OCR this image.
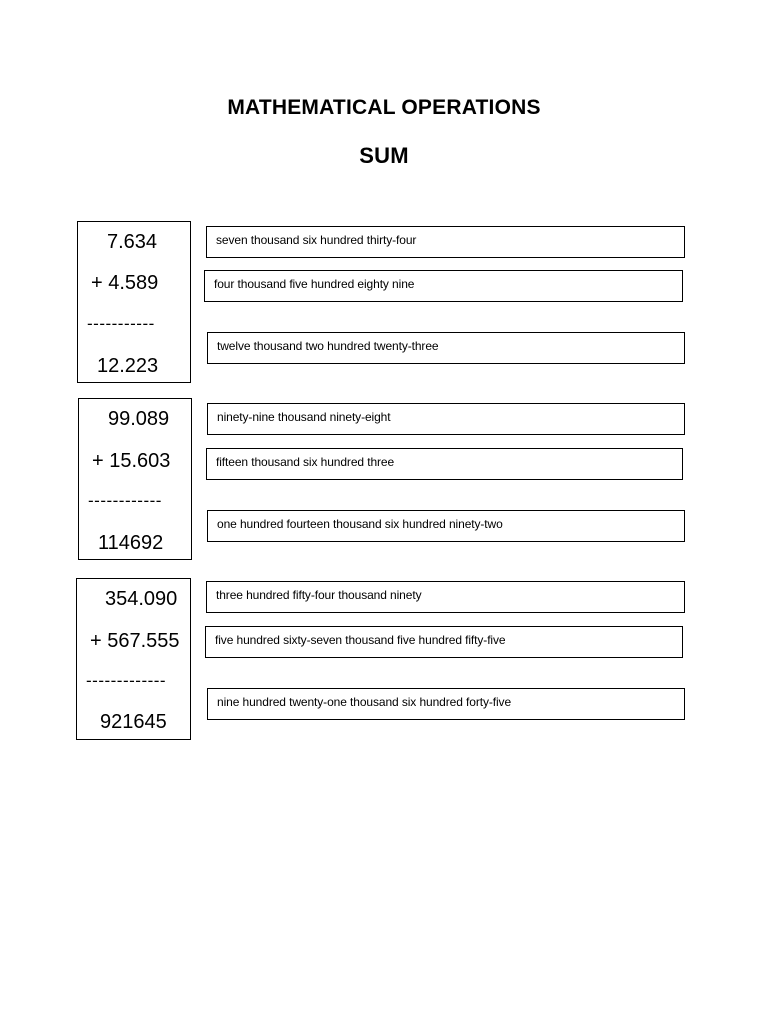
MATHEMATICAL OPERATIONS
SUM
7.634
+ 4.589
-----------
12.223
seven thousand six hundred thirty-four
four thousand five hundred eighty nine
twelve thousand two hundred twenty-three
99.089
+ 15.603
------------
114692
ninety-nine thousand ninety-eight
fifteen thousand six hundred three
one hundred fourteen thousand six hundred ninety-two
354.090
+ 567.555
-------------
921645
three hundred fifty-four thousand ninety
five hundred sixty-seven thousand five hundred fifty-five
nine hundred twenty-one thousand six hundred forty-five
